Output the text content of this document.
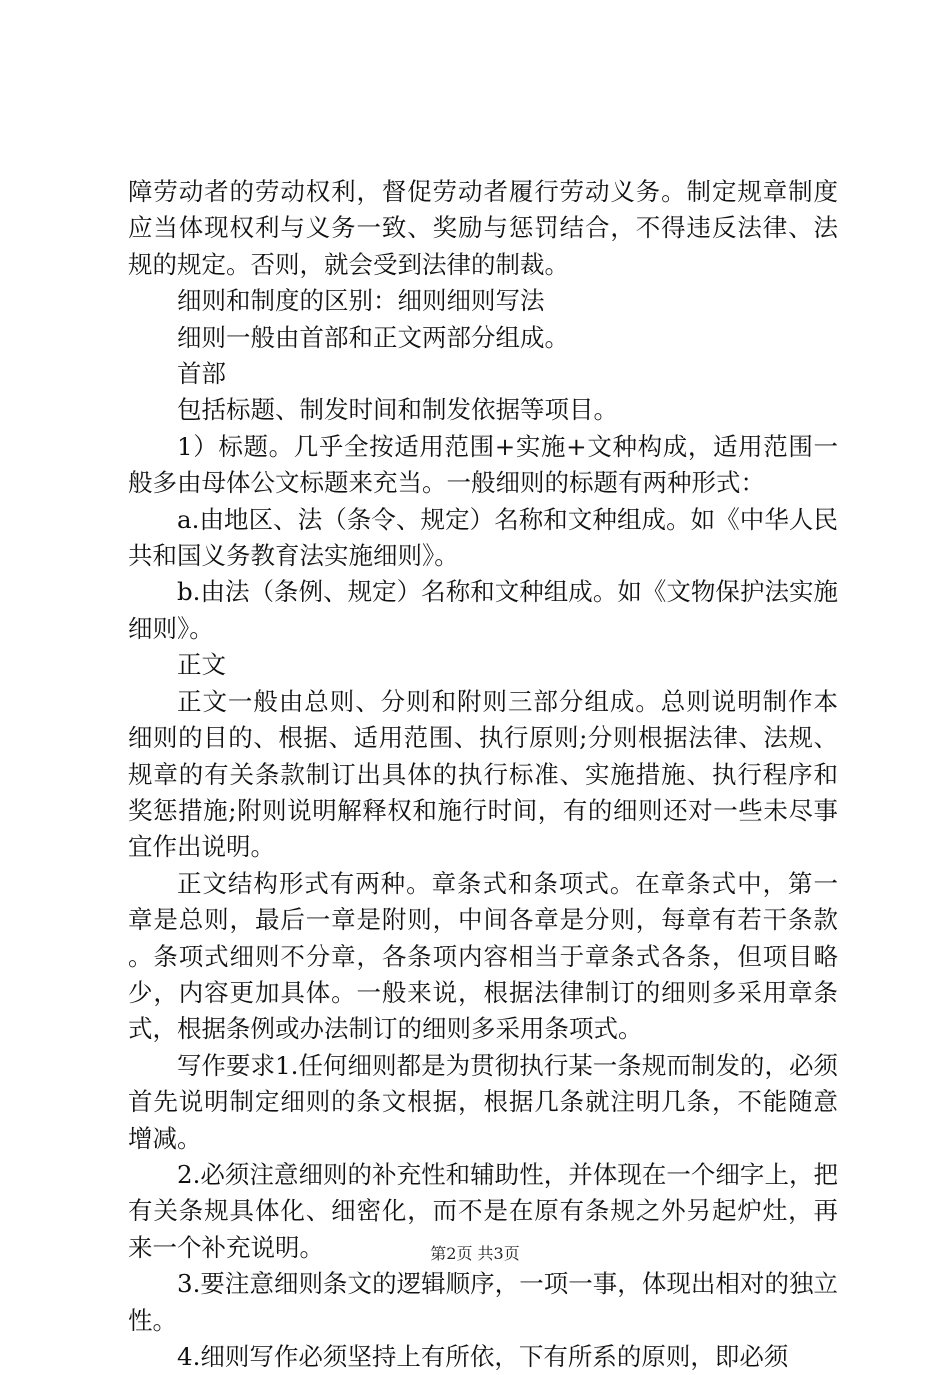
障劳动者的劳动权利，督促劳动者履行劳动义务。制定规章制度应当体现权利与义务一致、奖励与惩罚结合，不得违反法律、法规的规定。否则，就会受到法律的制裁。

细则和制度的区别：细则细则写法

细则一般由首部和正文两部分组成。

首部

包括标题、制发时间和制发依据等项目。

1）标题。几乎全按适用范围+实施+文种构成，适用范围一般多由母体公文标题来充当。一般细则的标题有两种形式：

a.由地区、法（条令、规定）名称和文种组成。如《中华人民共和国义务教育法实施细则》。

b.由法（条例、规定）名称和文种组成。如《文物保护法实施细则》。

正文

正文一般由总则、分则和附则三部分组成。总则说明制作本细则的目的、根据、适用范围、执行原则;分则根据法律、法规、规章的有关条款制订出具体的执行标准、实施措施、执行程序和奖惩措施;附则说明解释权和施行时间，有的细则还对一些未尽事宜作出说明。

正文结构形式有两种。章条式和条项式。在章条式中，第一章是总则，最后一章是附则，中间各章是分则，每章有若干条款。条项式细则不分章，各条项内容相当于章条式各条，但项目略少，内容更加具体。一般来说，根据法律制订的细则多采用章条式，根据条例或办法制订的细则多采用条项式。

写作要求1.任何细则都是为贯彻执行某一条规而制发的，必须首先说明制定细则的条文根据，根据几条就注明几条，不能随意增减。

2.必须注意细则的补充性和辅助性，并体现在一个细字上，把有关条规具体化、细密化，而不是在原有条规之外另起炉灶，再来一个补充说明。

3.要注意细则条文的逻辑顺序，一项一事，体现出相对的独立性。

4.细则写作必须坚持上有所依，下有所系的原则，即必须

第2页 共3页
